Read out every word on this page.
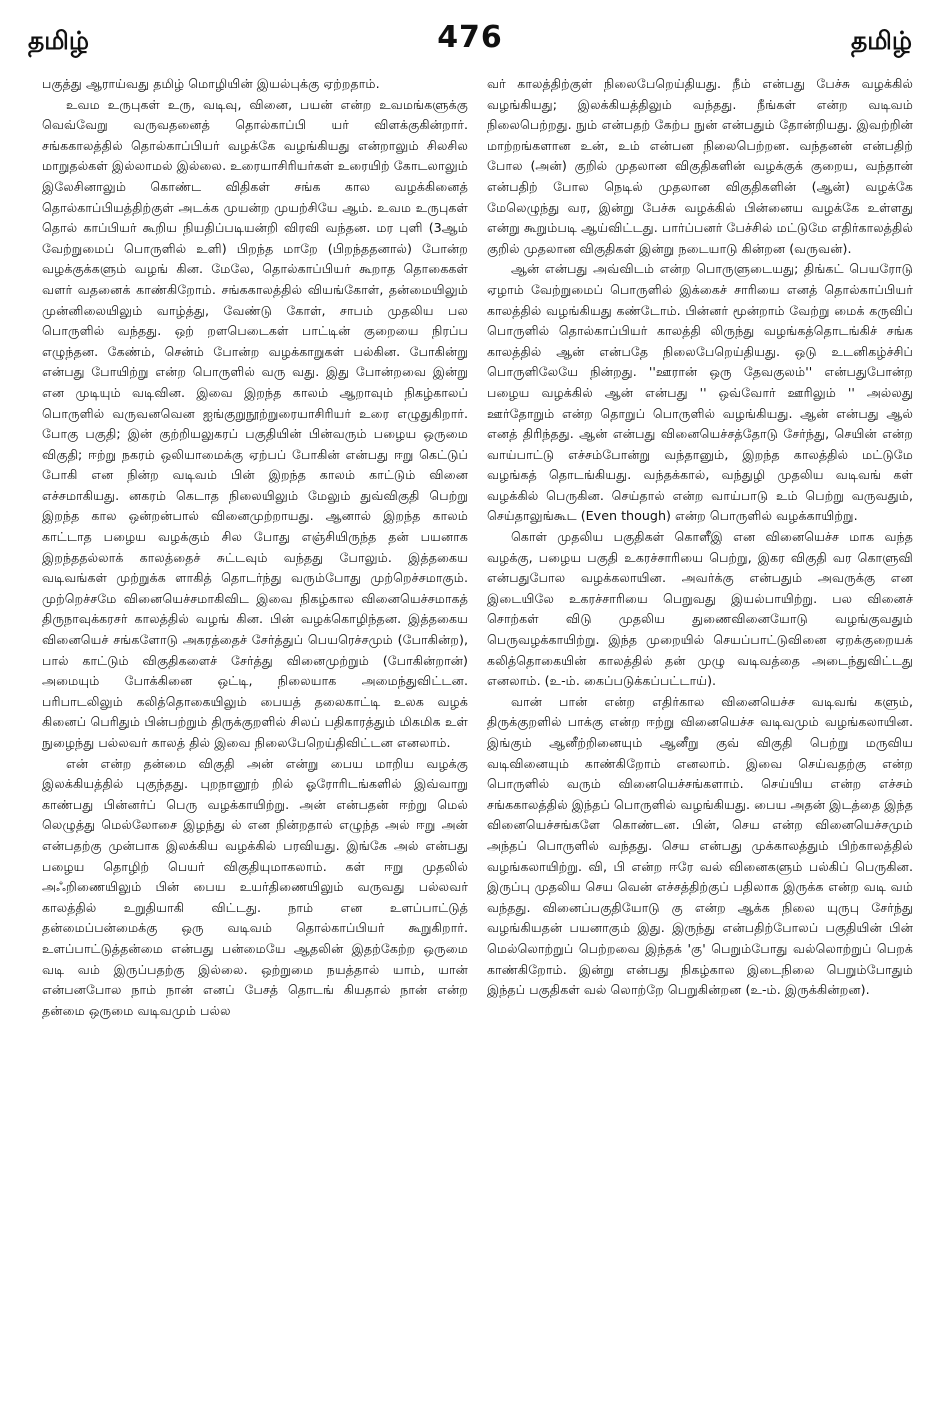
தமிழ்	476	தமிழ்

பகுத்து ஆராய்வது தமிழ் மொழியின் இயல்புக்கு ஏற்றதாம்.

உவம உருபுகள் உரு, வடிவு, வினை, பயன் என்ற உவமங்களுக்கு வெவ்வேறு வருவதனைத் தொல்காப்பி யர் விளக்குகின்றார். சங்ககாலத்தில் தொல்காப்பியர் வழக்கே வழங்கியது என்றாலும் சிலசில மாறுதல்கள் இல்லாமல் இல்லை. உரையாசிரியர்கள் உரையிற் கோடலாலும் இலேசினாலும் கொண்ட விதிகள் சங்க கால வழக்கினைத் தொல்காப்பியத்திற்குள் அடக்க முயன்ற முயற்சியே ஆம். உவம உருபுகள் தொல் காப்பியர் கூறிய நியதிப்படியன்றி விரவி வந்தன. மர புளி (3ஆம் வேற்றுமைப் பொருளில் உளி) பிறந்த மாறே (பிறந்ததனால்) போன்ற வழக்குக்களும் வழங் கின. மேலே, தொல்காப்பியர் கூறாத தொகைகள் வளர் வதனைக் காண்கிறோம். சங்ககாலத்தில் வியங்கோள், தன்மையிலும் முன்னிலையிலும் வாழ்த்து, வேண்டு கோள், சாபம் முதலிய பல பொருளில் வந்தது. ஒற் றளபெடைகள் பாட்டின் குறையை நிரப்ப எழுந்தன. கேண்ம், சென்ம் போன்ற வழக்காறுகள் பல்கின. போகின்று என்பது போயிற்று என்ற பொருளில் வரு வது. இது போன்றவை இன்று என முடியும் வடிவின. இவை இறந்த காலம் ஆறாவும் நிகழ்காலப் பொருளில் வருவனவென ஐங்குறுநூற்றுரையாசிரியர் உரை எழுதுகிறார். போகு பகுதி; இன் குற்றியலுகரப் பகுதியின் பின்வரும் பழைய ஒருமை விகுதி; ஈற்று நகரம் ஒலியாமைக்கு ஏற்பப் போகின் என்பது ஈறு கெட்டுப் போகி என நின்ற வடிவம் பின் இறந்த காலம் காட்டும் வினை எச்சமாகியது. னகரம் கெடாத நிலையிலும் மேலும் துவ்விகுதி பெற்று இறந்த கால ஒன்றன்பால் வினைமுற்றாயது. ஆனால் இறந்த காலம் காட்டாத பழைய வழக்கும் சில போது எஞ்சியிருந்த தன் பயனாக இறந்ததல்லாக் காலத்தைச் சுட்டவும் வந்தது போலும். இத்தகைய வடிவங்கள் முற்றுக்க ளாகித் தொடர்ந்து வரும்போது முற்றெச்சமாகும். முற்றெச்சமே வினையெச்சமாகிவிட இவை நிகழ்கால வினையெச்சமாகத் திருநாவுக்கரசர் காலத்தில் வழங் கின. பின் வழக்கொழிந்தன. இத்தகைய வினையெச் சங்களோடு அகரத்தைச் சேர்த்துப் பெயரெச்சமும் (போகின்ற), பால் காட்டும் விகுதிகளைச் சேர்த்து வினைமுற்றும் (போகின்றான்) அமையும் போக்கினை ஒட்டி, நிலையாக அமைந்துவிட்டன. பரிபாடலிலும் கலித்தொகையிலும் பையத் தலைகாட்டி உலக வழக் கினைப் பெரிதும் பின்பற்றும் திருக்குறளில் சிலப் பதிகாரத்தும் மிகமிக உள் நுழைந்து பல்லவர் காலத் தில் இவை நிலைபேறெய்திவிட்டன எனலாம்.

என் என்ற தன்மை விகுதி அன் என்று பைய மாறிய வழக்கு இலக்கியத்தில் புகுந்தது. புறநானூற் றில் ஓரோரிடங்களில் இவ்வாறு காண்பது பின்னர்ப் பெரு வழக்காயிற்று. அன் என்பதன் ஈற்று மெல் லெழுத்து மெல்லோசை இழந்து ல் என நின்றதால் எழுந்த அல் ஈறு அன் என்பதற்கு முன்பாக இலக்கிய வழக்கில் பரவியது. இங்கே அல் என்பது பழைய தொழிற் பெயர் விகுதியுமாகலாம். கள் ஈறு முதலில் அஃறிணையிலும் பின் பைய உயர்திணையிலும் வருவது பல்லவர் காலத்தில் உறுதியாகி விட்டது. நாம் என உளப்பாட்டுத் தன்மைப்பன்மைக்கு ஒரு வடிவம் தொல்காப்பியர் கூறுகிறார். உளப்பாட்டுத்தன்மை என்பது பன்மையே ஆதலின் இதற்கேற்ற ஒருமை வடி வம் இருப்பதற்கு இல்லை. ஒற்றுமை நயத்தால் யாம், யான் என்பனபோல நாம் நான் எனப் பேசத் தொடங் கியதால் நான் என்ற தன்மை ஒருமை வடிவமும் பல்ல

வர் காலத்திற்குள் நிலைபேறெய்தியது. நீம் என்பது பேச்சு வழக்கில் வழங்கியது; இலக்கியத்திலும் வந்தது. நீங்கள் என்ற வடிவம் நிலைபெற்றது. நும் என்பதற் கேற்ப நுன் என்பதும் தோன்றியது. இவற்றின் மாற்றங்களான உன், உம் என்பன நிலைபெற்றன. வந்தனன் என்பதிற் போல (அன்) குறில் முதலான விகுதிகளின் வழக்குக் குறைய, வந்தான் என்பதிற் போல நெடில் முதலான விகுதிகளின் (ஆன்) வழக்கே மேலெழுந்து வர, இன்று பேச்சு வழக்கில் பின்னைய வழக்கே உள்ளது என்று கூறும்படி ஆய்விட்டது. பார்ப்பனர் பேச்சில் மட்டுமே எதிர்காலத்தில் குறில் முதலான விகுதிகள் இன்று நடையாடு கின்றன (வருவன்).

ஆன் என்பது அவ்விடம் என்ற பொருளுடையது; திங்கட் பெயரோடு ஏழாம் வேற்றுமைப் பொருளில் இக்கைச் சாரியை எனத் தொல்காப்பியர் காலத்தில் வழங்கியது கண்டோம். பின்னர் மூன்றாம் வேற்று மைக் கருவிப் பொருளில் தொல்காப்பியர் காலத்தி லிருந்து வழங்கத்தொடங்கிச் சங்க காலத்தில் ஆன் என்பதே நிலைபேறெய்தியது. ஒடு உடனிகழ்ச்சிப் பொருளிலேயே நின்றது. ''ஊரான் ஒரு தேவகுலம்'' என்பதுபோன்ற பழைய வழக்கில் ஆன் என்பது '' ஒவ்வோர் ஊரிலும் '' அல்லது ஊர்தோறும் என்ற தொறுப் பொருளில் வழங்கியது. ஆன் என்பது ஆல் எனத் திரிந்தது. ஆன் என்பது வினையெச்சத்தோடு சேர்ந்து, செயின் என்ற வாய்பாட்டு எச்சம்போன்று வந்தானும், இறந்த காலத்தில் மட்டுமே வழங்கத் தொடங்கியது. வந்தக்கால், வந்துழி முதலிய வடிவங் கள் வழக்கில் பெருகின. செய்தால் என்ற வாய்பாடு உம் பெற்று வருவதும், செய்தாலுங்கூட (Even though) என்ற பொருளில் வழக்காயிற்று.

கொள் முதலிய பகுதிகள் கொளீஇ என வினையெச்ச மாக வந்த வழக்கு, பழைய பகுதி உகரச்சாரியை பெற்று, இகர விகுதி வர கொளுவி என்பதுபோல வழக்கலாயின. அவர்க்கு என்பதும் அவருக்கு என இடையிலே உகரச்சாரியை பெறுவது இயல்பாயிற்று. பல வினைச் சொற்கள் விடு முதலிய துணைவினையோடு வழங்குவதும் பெருவழக்காயிற்று. இந்த முறையில் செயப்பாட்டுவினை ஏறக்குறையக் கலித்தொகையின் காலத்தில் தன் முழு வடிவத்தை அடைந்துவிட்டது எனலாம். (உ-ம். கைப்படுக்கப்பட்டாய்).

வான் பான் என்ற எதிர்கால வினையெச்ச வடிவங் களும், திருக்குறளில் பாக்கு என்ற ஈற்று வினையெச்ச வடிவமும் வழங்கலாயின. இங்கும் ஆனீற்றினையும் ஆனீறு குவ் விகுதி பெற்று மருவிய வடிவினையும் காண்கிறோம் எனலாம். இவை செய்வதற்கு என்ற பொருளில் வரும் வினையெச்சங்களாம். செய்யிய என்ற எச்சம் சங்ககாலத்தில் இந்தப் பொருளில் வழங்கியது. பைய அதன் இடத்தை இந்த வினையெச்சங்களே கொண்டன. பின், செய என்ற வினையெச்சமும் அந்தப் பொருளில் வந்தது. செய என்பது முக்காலத்தும் பிற்காலத்தில் வழங்கலாயிற்று. வி, பி என்ற ஈரே வல் வினைகளும் பல்கிப் பெருகின. இருப்பு முதலிய செய வென் எச்சத்திற்குப் பதிலாக இருக்க என்ற வடி வம் வந்தது. வினைப்பகுதியோடு கு என்ற ஆக்க நிலை யுருபு சேர்ந்து வழங்கியதன் பயனாகும் இது. இருந்து என்பதிற்போலப் பகுதியின் பின் மெல்லொற்றுப் பெற்றவை இந்தக் 'கு' பெறும்போது வல்லொற்றுப் பெறக் காண்கிறோம். இன்று என்பது நிகழ்கால இடைநிலை பெறும்போதும் இந்தப் பகுதிகள் வல் லொற்றே பெறுகின்றன (உ-ம். இருக்கின்றன).
